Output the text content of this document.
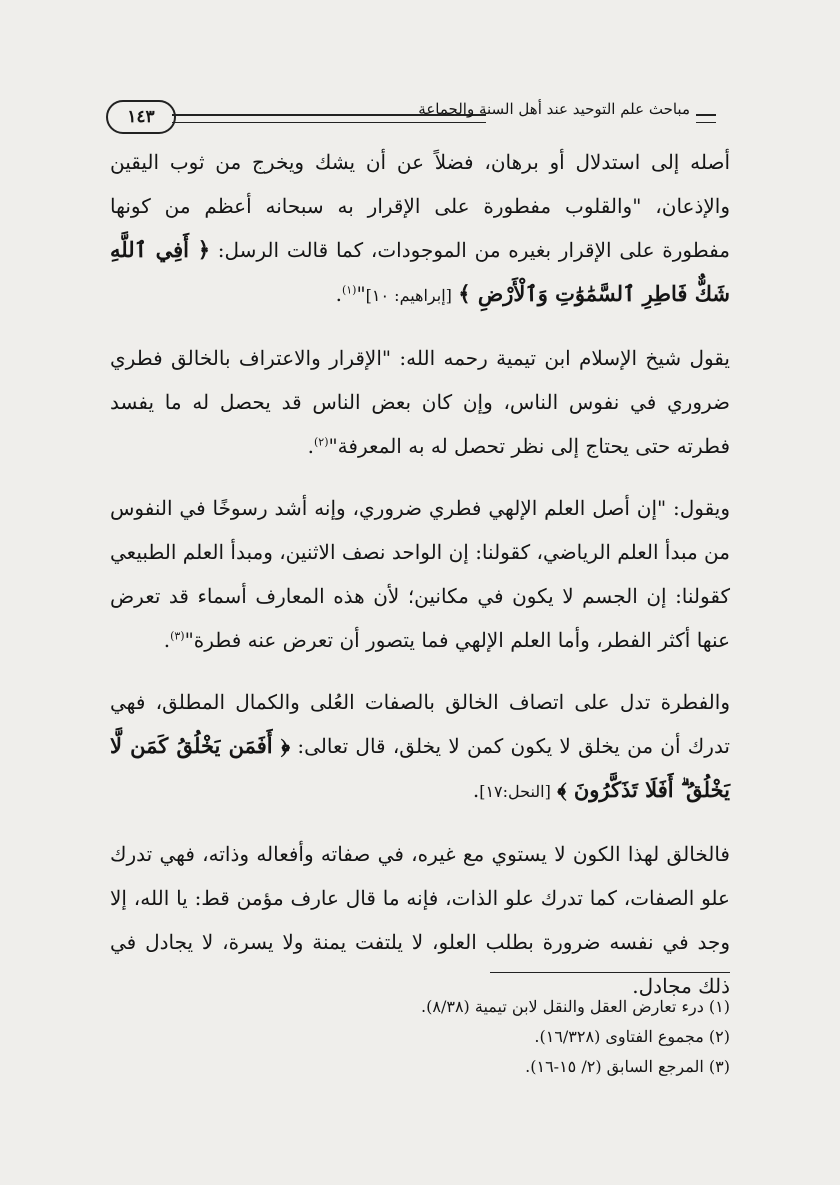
١٤٣	مباحث علم التوحيد عند أهل السنة والجماعة

أصله إلى استدلال أو برهان، فضلاً عن أن يشك ويخرج من ثوب اليقين والإذعان، "والقلوب مفطورة على الإقرار به سبحانه أعظم من كونها مفطورة على الإقرار بغيره من الموجودات، كما قالت الرسل: ﴿ أَفِي ٱللَّهِ شَكٌّ فَاطِرِ ٱلسَّمَٰوَٰتِ وَٱلْأَرْضِ ﴾ [إبراهيم: ١٠]"$^{(١)}$.

يقول شيخ الإسلام ابن تيمية رحمه الله: "الإقرار والاعتراف بالخالق فطري ضروري في نفوس الناس، وإن كان بعض الناس قد يحصل له ما يفسد فطرته حتى يحتاج إلى نظر تحصل له به المعرفة"$^{(٢)}$.

ويقول: "إن أصل العلم الإلهي فطري ضروري، وإنه أشد رسوخًا في النفوس من مبدأ العلم الرياضي، كقولنا: إن الواحد نصف الاثنين، ومبدأ العلم الطبيعي كقولنا: إن الجسم لا يكون في مكانين؛ لأن هذه المعارف أسماء قد تعرض عنها أكثر الفطر، وأما العلم الإلهي فما يتصور أن تعرض عنه فطرة"$^{(٣)}$.

والفطرة تدل على اتصاف الخالق بالصفات العُلى والكمال المطلق، فهي تدرك أن من يخلق لا يكون كمن لا يخلق، قال تعالى: ﴿ أَفَمَن يَخْلُقُ كَمَن لَّا يَخْلُقُ ۗ أَفَلَا تَذَكَّرُونَ ﴾ [النحل:١٧].

فالخالق لهذا الكون لا يستوي مع غيره، في صفاته وأفعاله وذاته، فهي تدرك علو الصفات، كما تدرك علو الذات، فإنه ما قال عارف مؤمن قط: يا الله، إلا وجد في نفسه ضرورة بطلب العلو، لا يلتفت يمنة ولا يسرة، لا يجادل في ذلك مجادل.

(١) درء تعارض العقل والنقل لابن تيمية (٨/٣٨).
(٢) مجموع الفتاوى (١٦/٣٢٨).
(٣) المرجع السابق (٢/ ١٥-١٦).
